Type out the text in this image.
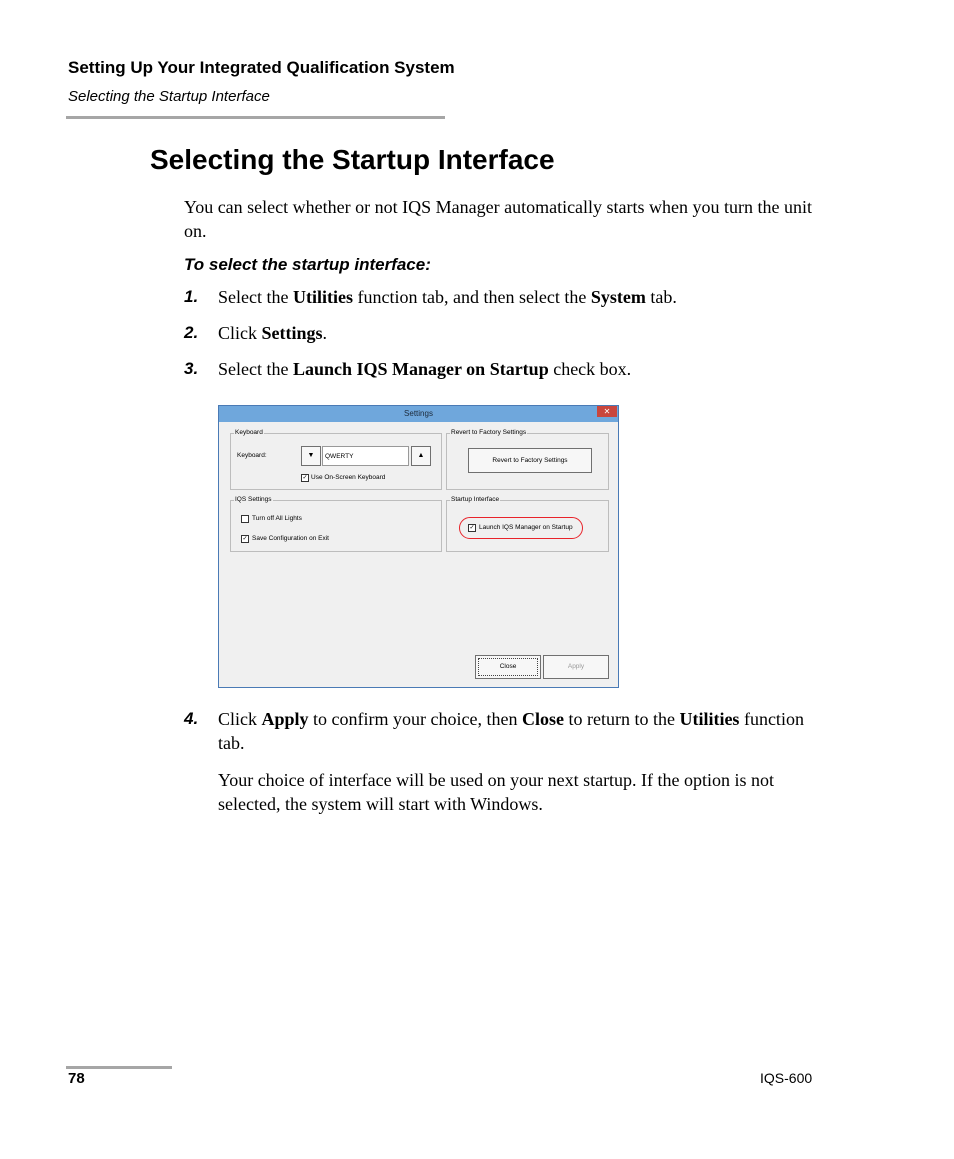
Setting Up Your Integrated Qualification System
Selecting the Startup Interface
Selecting the Startup Interface
You can select whether or not IQS Manager automatically starts when you turn the unit on.
To select the startup interface:
1. Select the Utilities function tab, and then select the System tab.
2. Click Settings.
3. Select the Launch IQS Manager on Startup check box.
Settings	✕
Keyboard
Keyboard:	▼	QWERTY	▲
✓ Use On-Screen Keyboard
Revert to Factory Settings
Revert to Factory Settings
IQS Settings
Turn off All Lights
✓ Save Configuration on Exit
Startup Interface
✓ Launch IQS Manager on Startup
Close	Apply
4. Click Apply to confirm your choice, then Close to return to the Utilities function tab.
Your choice of interface will be used on your next startup. If the option is not selected, the system will start with Windows.
78	IQS-600
